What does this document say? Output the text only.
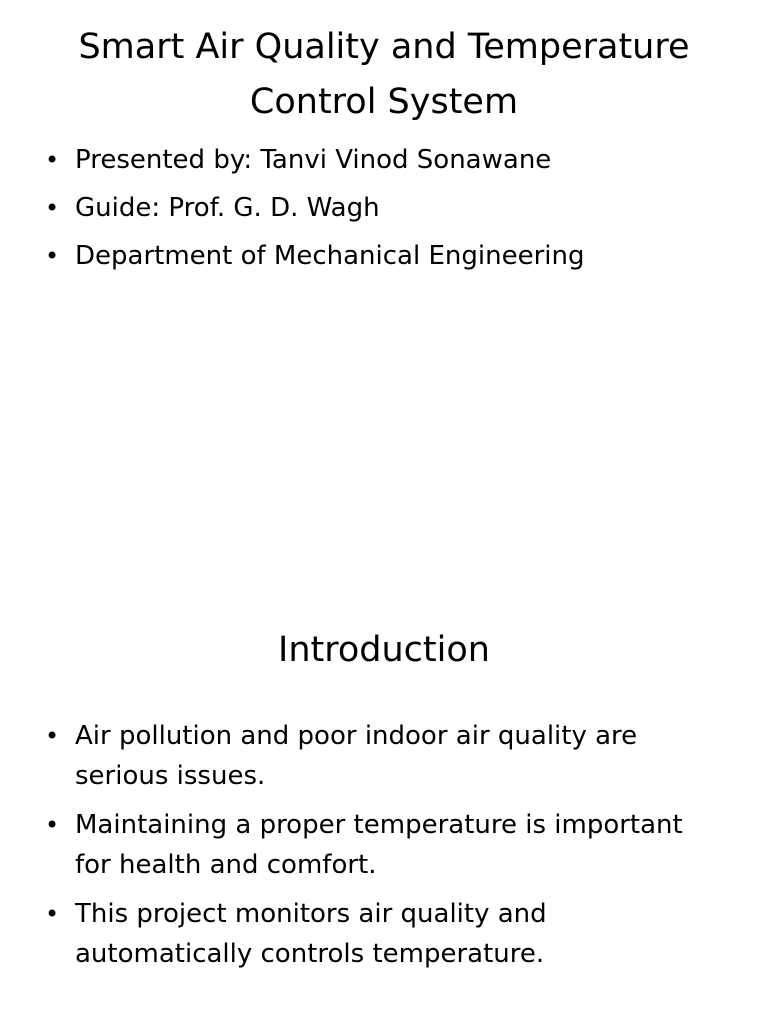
Smart Air Quality and Temperature Control System
• Presented by: Tanvi Vinod Sonawane
• Guide: Prof. G. D. Wagh
• Department of Mechanical Engineering
Introduction
• Air pollution and poor indoor air quality are serious issues.
• Maintaining a proper temperature is important for health and comfort.
• This project monitors air quality and automatically controls temperature.
